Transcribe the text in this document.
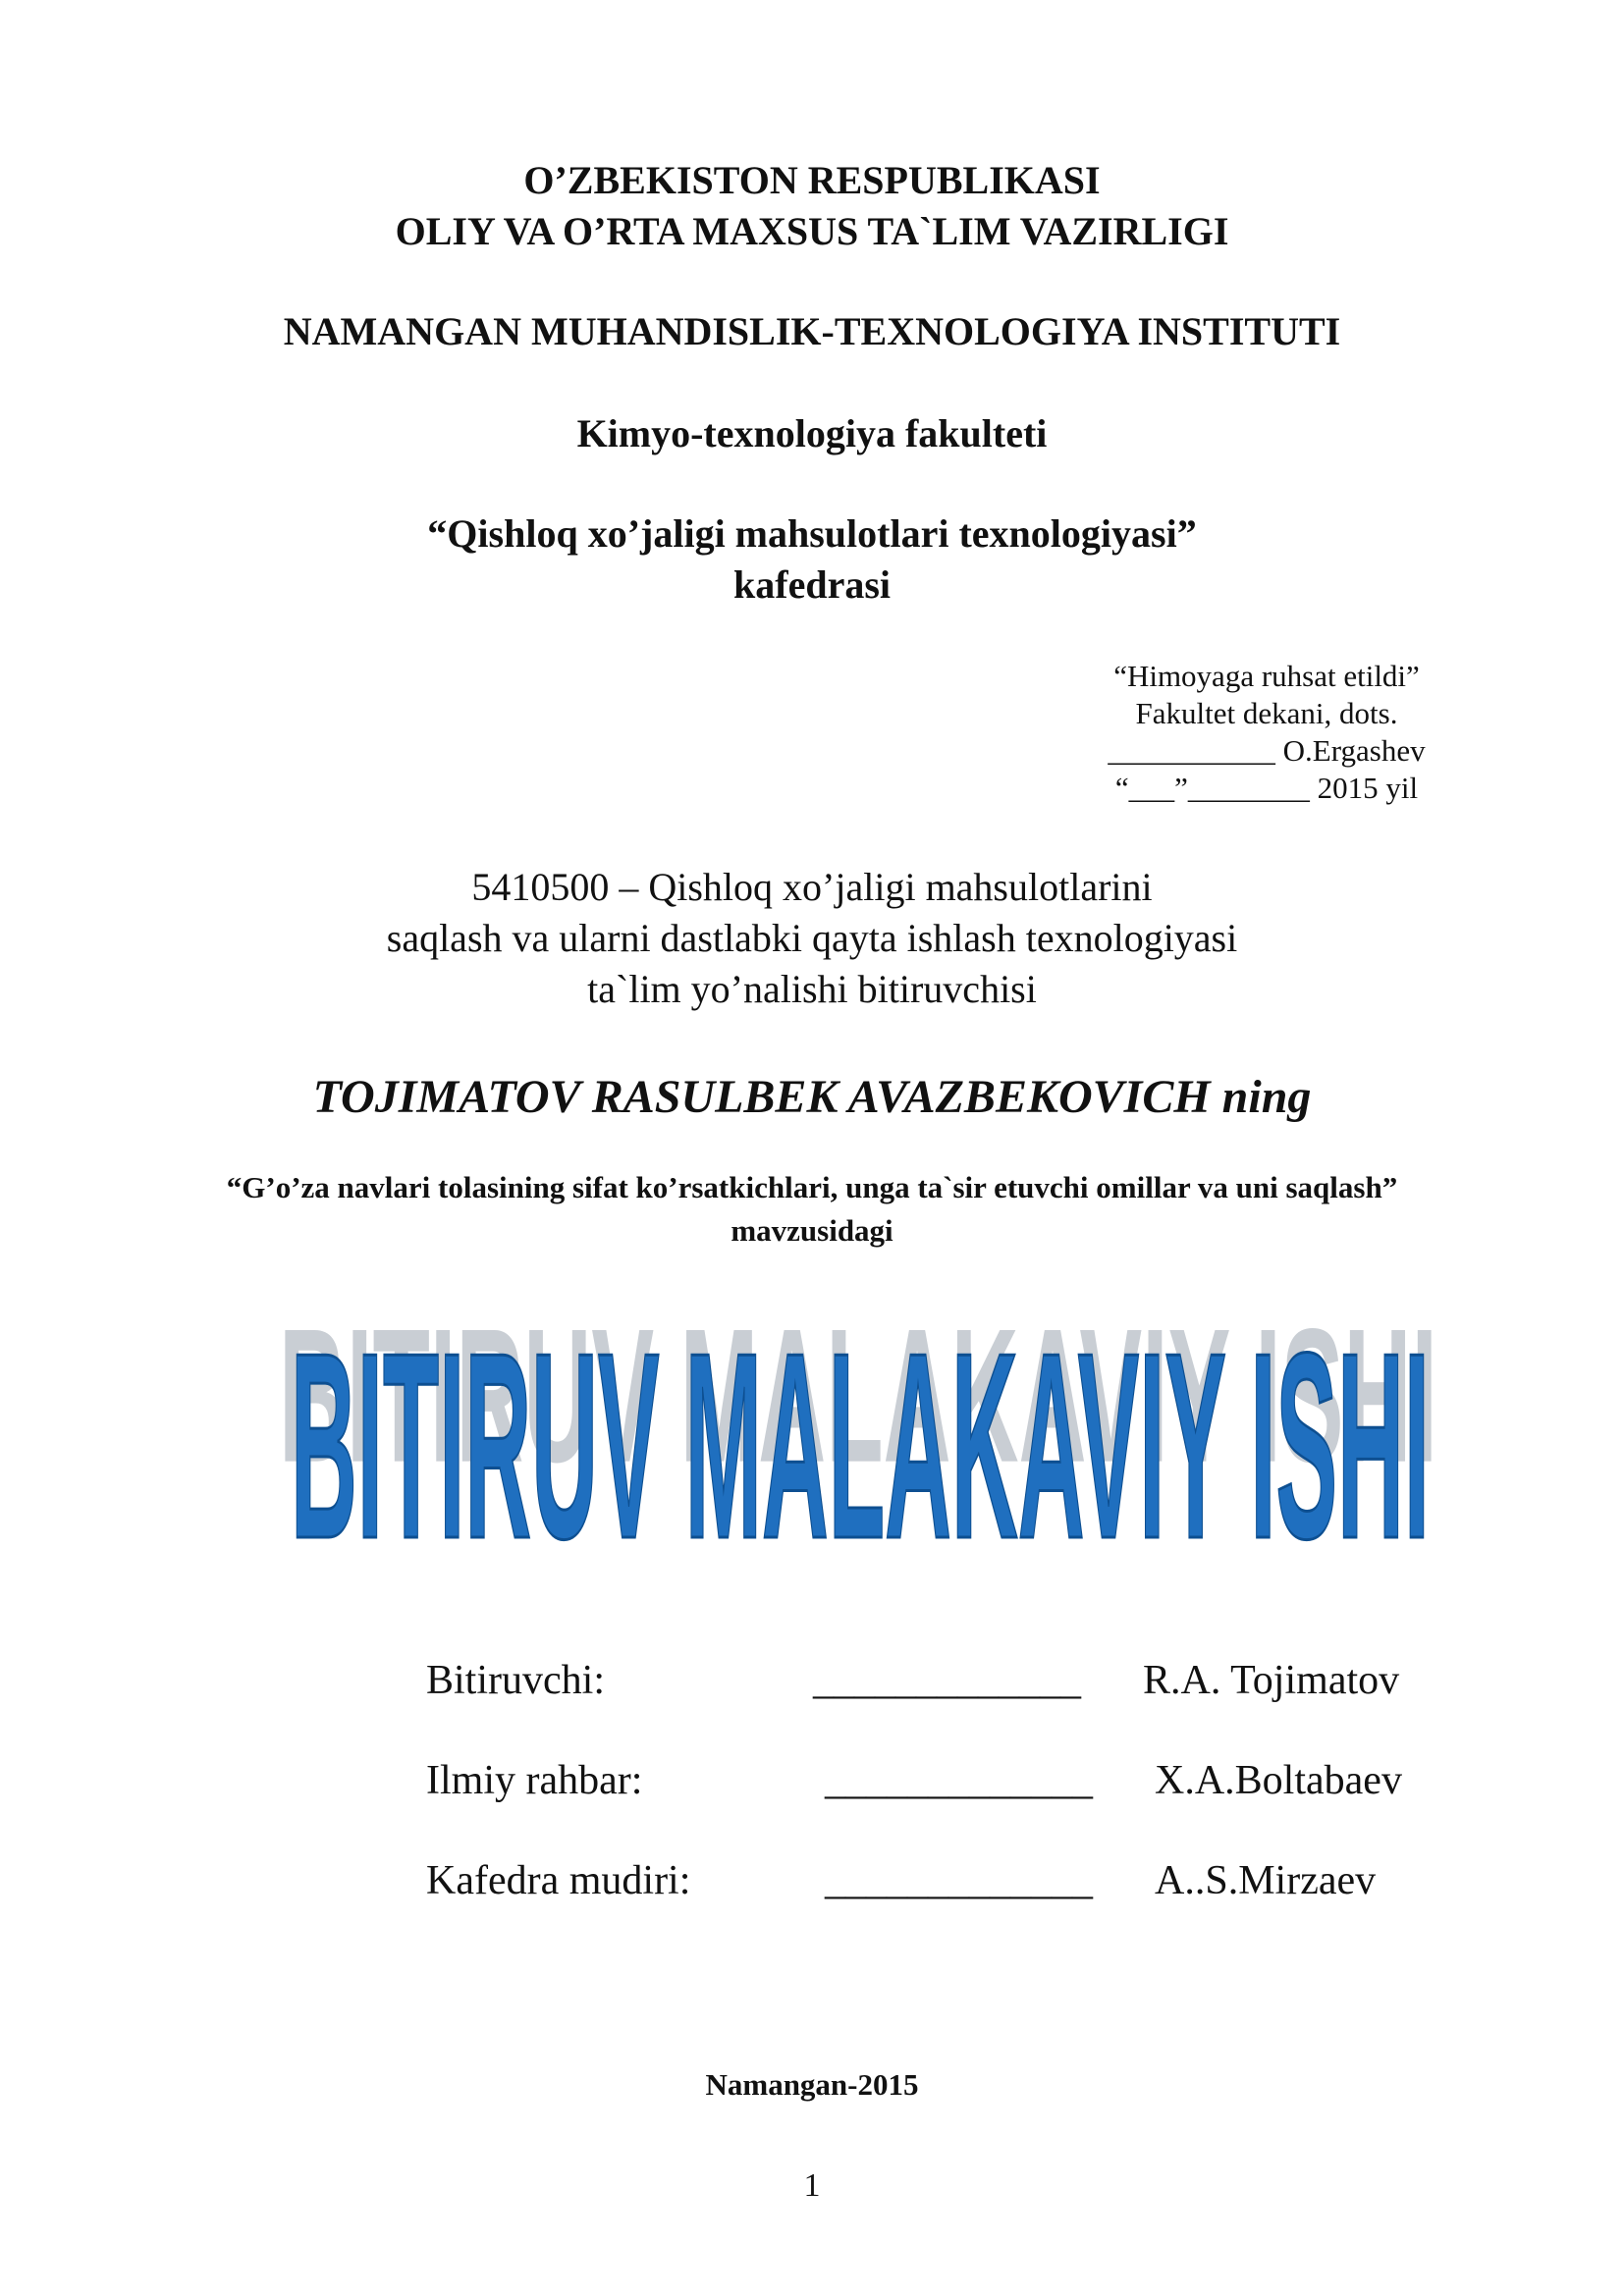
O’ZBEKISTON RESPUBLIKASI
OLIY VA O’RTA MAXSUS TA`LIM VAZIRLIGI
NAMANGAN MUHANDISLIK-TEXNOLOGIYA INSTITUTI
Kimyo-texnologiya fakulteti
“Qishloq xo’jaligi mahsulotlari texnologiyasi”
kafedrasi
“Himoyaga ruhsat etildi”
Fakultet dekani, dots.
___________ O.Ergashev
“___”________ 2015 yil
5410500 – Qishloq xo’jaligi mahsulotlarini
saqlash va ularni dastlabki qayta ishlash texnologiyasi
ta`lim yo’nalishi bitiruvchisi
TOJIMATOV RASULBEK AVAZBEKOVICH ning
“G’o’za navlari tolasining sifat ko’rsatkichlari, unga ta`sir etuvchi omillar va uni saqlash”
mavzusidagi
BITIRUV MALAKAVIY ISHI
BITIRUV MALAKAVIY ISHI
Bitiruvchi:	_____________ R.A. Tojimatov
Ilmiy rahbar:	_____________ X.A.Boltabaev
Kafedra mudiri:	_____________ A..S.Mirzaev
Namangan-2015
1
